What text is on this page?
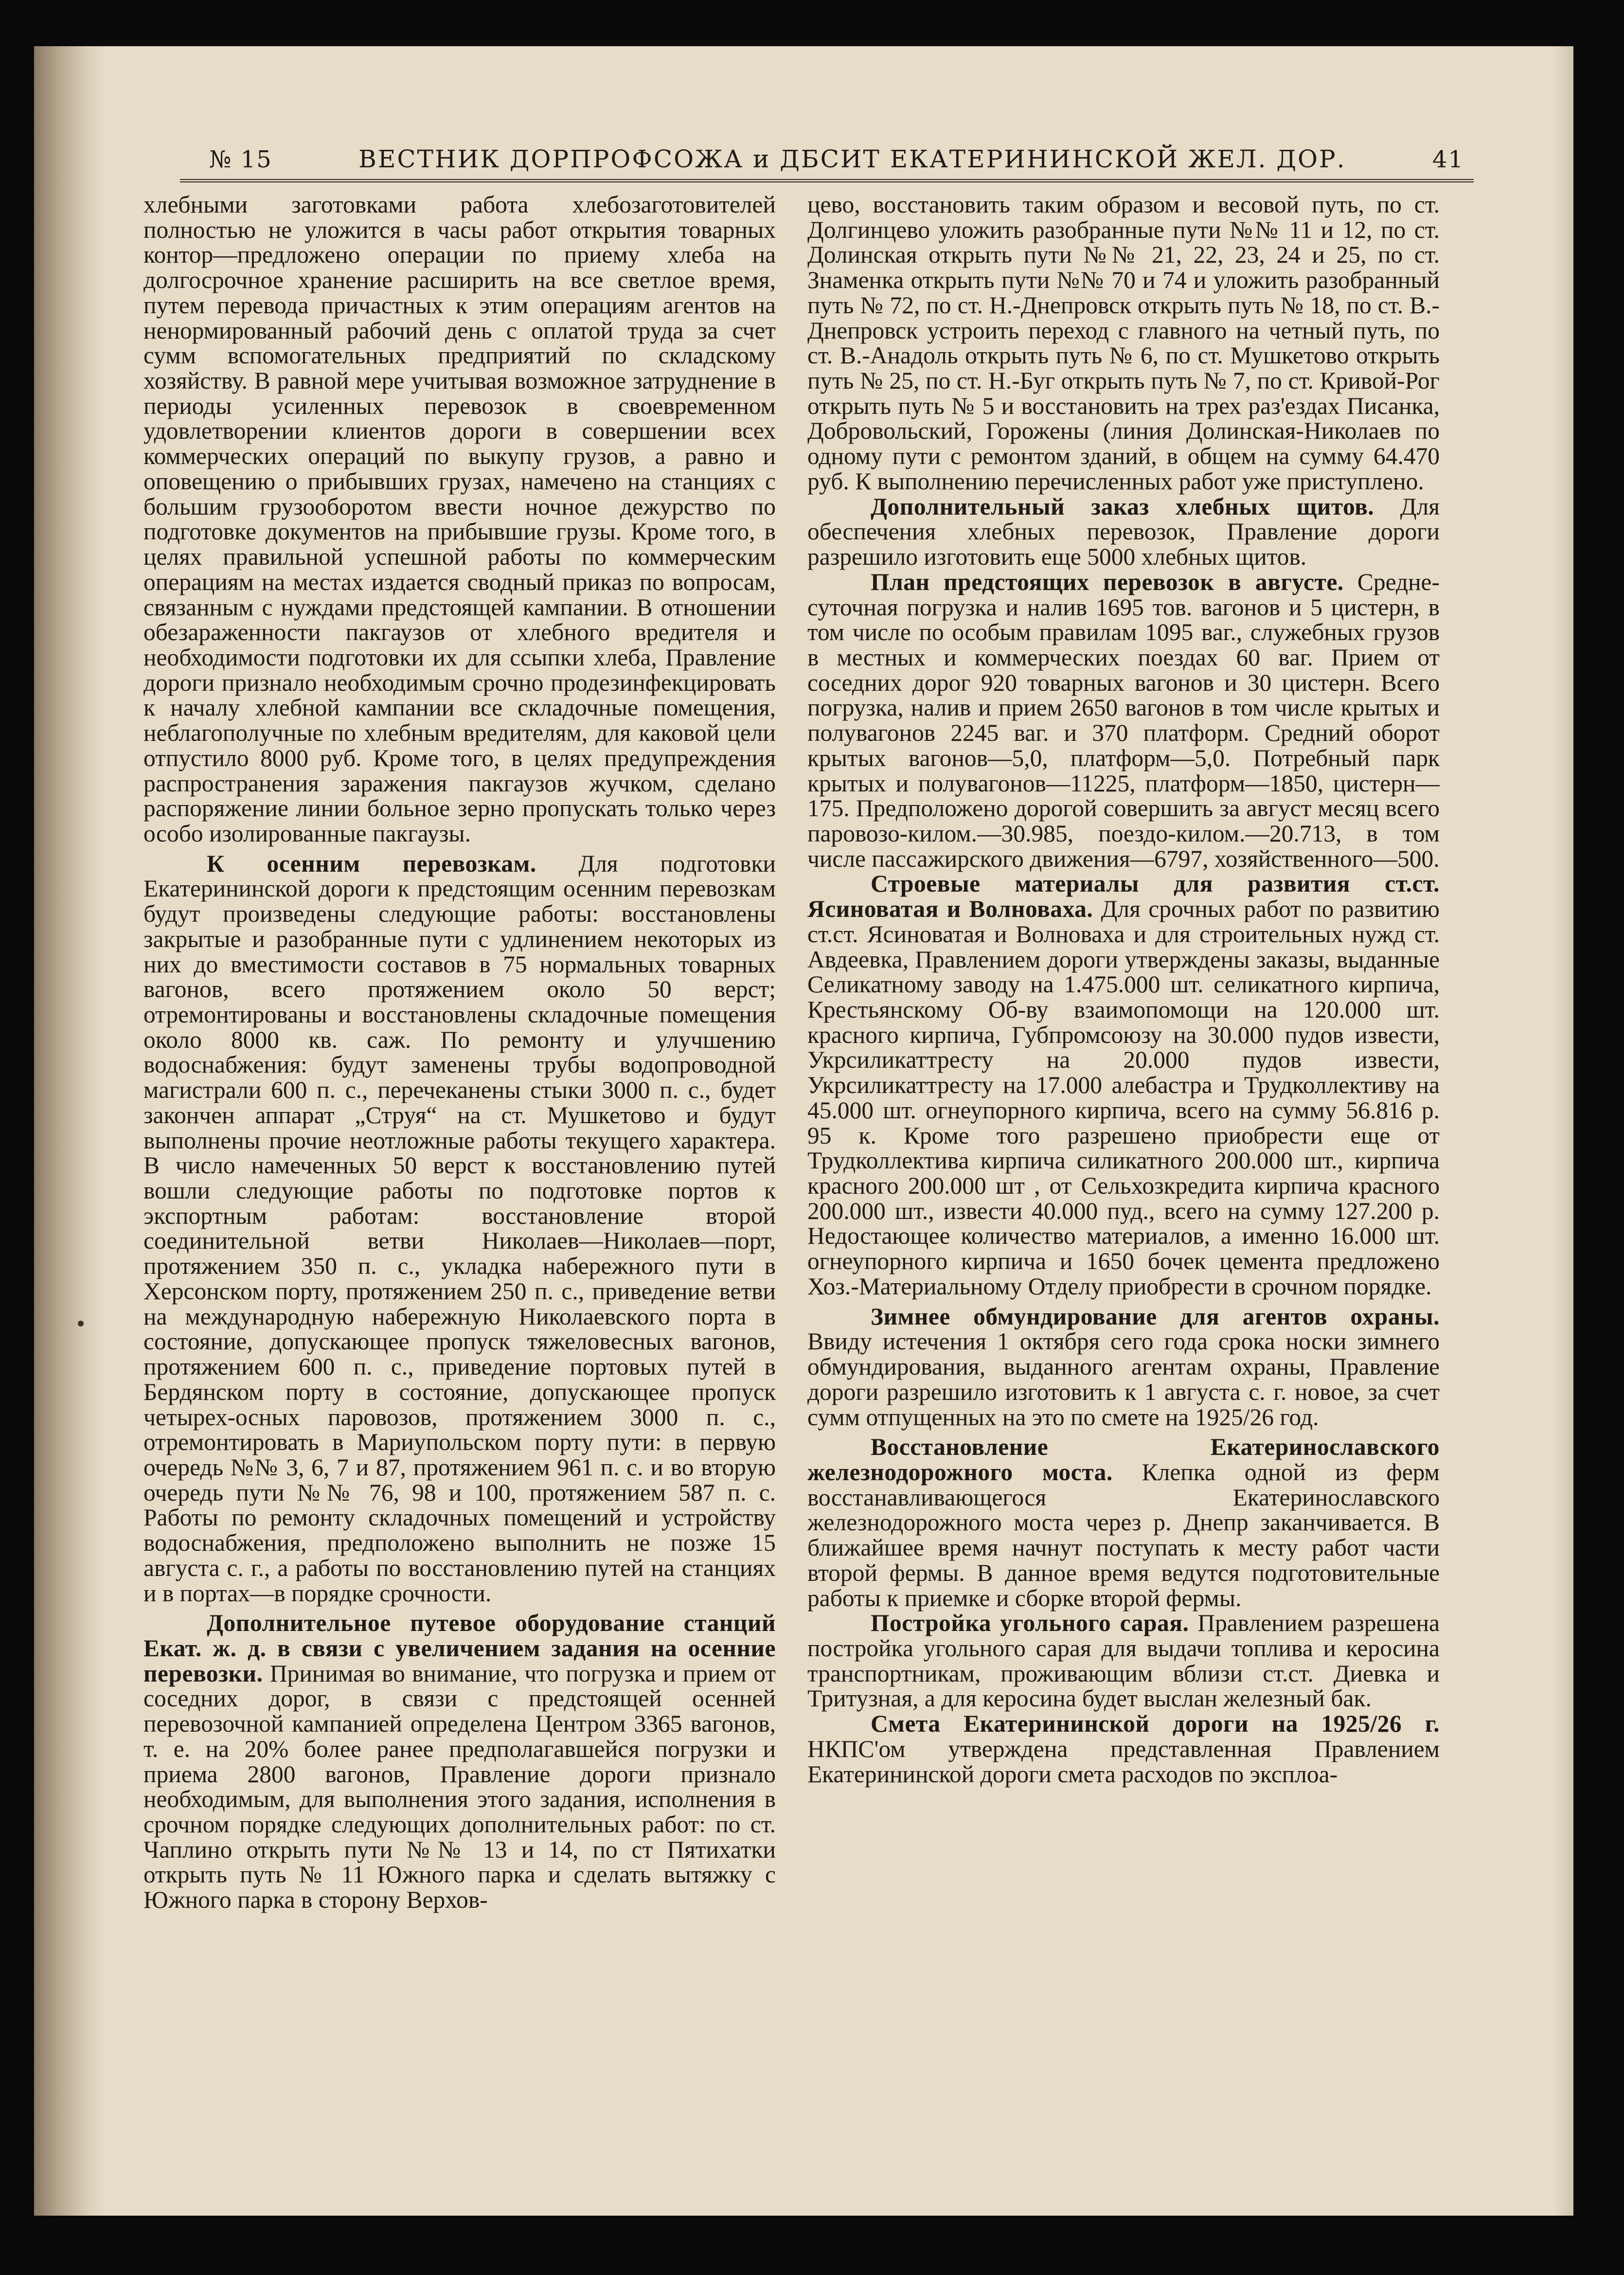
№ 15	ВЕСТНИК ДОРПРОФСОЖА и ДБСИТ ЕКАТЕРИНИНСКОЙ ЖЕЛ. ДОР.	41

хлебными заготовками работа хлебозаготовителей полностью не уложится в часы работ открытия товарных контор—предложено операции по приему хлеба на долгосрочное хранение расширить на все светлое время, путем перевода причастных к этим операциям агентов на ненормированный рабочий день с оплатой труда за счет сумм вспомогательных предприятий по складскому хозяйству. В равной мере учитывая возможное затруднение в периоды усиленных перевозок в своевременном удовлетворении клиентов дороги в совершении всех коммерческих операций по выкупу грузов, а равно и оповещению о прибывших грузах, намечено на станциях с большим грузооборотом ввести ночное дежурство по подготовке документов на прибывшие грузы. Кроме того, в целях правильной успешной работы по коммерческим операциям на местах издается сводный приказ по вопросам, связанным с нуждами предстоящей кампании. В отношении обезараженности пакгаузов от хлебного вредителя и необходимости подготовки их для ссыпки хлеба, Правление дороги признало необходимым срочно продезинфекцировать к началу хлебной кампании все складочные помещения, неблагополучные по хлебным вредителям, для каковой цели отпустило 8000 руб. Кроме того, в целях предупреждения распространения заражения пакгаузов жучком, сделано распоряжение линии больное зерно пропускать только через особо изолированные пакгаузы.

К осенним перевозкам. Для подготовки Екатерининской дороги к предстоящим осенним перевозкам будут произведены следующие работы: восстановлены закрытые и разобранные пути с удлинением некоторых из них до вместимости составов в 75 нормальных товарных вагонов, всего протяжением около 50 верст; отремонтированы и восстановлены складочные помещения около 8000 кв. саж. По ремонту и улучшению водоснабжения: будут заменены трубы водопроводной магистрали 600 п. с., перечеканены стыки 3000 п. с., будет закончен аппарат „Струя“ на ст. Мушкетово и будут выполнены прочие неотложные работы текущего характера. В число намеченных 50 верст к восстановлению путей вошли следующие работы по подготовке портов к экспортным работам: восстановление второй соединительной ветви Николаев—Николаев—порт, протяжением 350 п. с., укладка набережного пути в Херсонском порту, протяжением 250 п. с., приведение ветви на международную набережную Николаевского порта в состояние, допускающее пропуск тяжеловесных вагонов, протяжением 600 п. с., приведение портовых путей в Бердянском порту в состояние, допускающее пропуск четырех-осных паровозов, протяжением 3000 п. с., отремонтировать в Мариупольском порту пути: в первую очередь №№ 3, 6, 7 и 87, протяжением 961 п. с. и во вторую очередь пути №№ 76, 98 и 100, протяжением 587 п. с. Работы по ремонту складочных помещений и устройству водоснабжения, предположено выполнить не позже 15 августа с. г., а работы по восстановлению путей на станциях и в портах—в порядке срочности.

Дополнительное путевое оборудование станций Екат. ж. д. в связи с увеличением задания на осенние перевозки. Принимая во внимание, что погрузка и прием от соседних дорог, в связи с предстоящей осенней перевозочной кампанией определена Центром 3365 вагонов, т. е. на 20% более ранее предполагавшейся погрузки и приема 2800 вагонов, Правление дороги признало необходимым, для выполнения этого задания, исполнения в срочном порядке следующих дополнительных работ: по ст. Чаплино открыть пути №№ 13 и 14, по ст Пятихатки открыть путь № 11 Южного парка и сделать вытяжку с Южного парка в сторону Верхов-

цево, восстановить таким образом и весовой путь, по ст. Долгинцево уложить разобранные пути №№ 11 и 12, по ст. Долинская открыть пути №№ 21, 22, 23, 24 и 25, по ст. Знаменка открыть пути №№ 70 и 74 и уложить разобранный путь № 72, по ст. Н.-Днепровск открыть путь № 18, по ст. В.-Днепровск устроить переход с главного на четный путь, по ст. В.-Анадоль открыть путь № 6, по ст. Мушкетово открыть путь № 25, по ст. Н.-Буг открыть путь № 7, по ст. Кривой-Рог открыть путь № 5 и восстановить на трех раз'ездах Писанка, Добровольский, Горожены (линия Долинская-Николаев по одному пути с ремонтом зданий, в общем на сумму 64.470 руб. К выполнению перечисленных работ уже приступлено.

Дополнительный заказ хлебных щитов. Для обеспечения хлебных перевозок, Правление дороги разрешило изготовить еще 5000 хлебных щитов.

План предстоящих перевозок в августе. Средне-суточная погрузка и налив 1695 тов. вагонов и 5 цистерн, в том числе по особым правилам 1095 ваг., служебных грузов в местных и коммерческих поездах 60 ваг. Прием от соседних дорог 920 товарных вагонов и 30 цистерн. Всего погрузка, налив и прием 2650 вагонов в том числе крытых и полувагонов 2245 ваг. и 370 платформ. Средний оборот крытых вагонов—5,0, платформ—5,0. Потребный парк крытых и полувагонов—11225, платформ—1850, цистерн—175. Предположено дорогой совершить за август месяц всего паровозо-килом.—30.985, поездо-килом.—20.713, в том числе пассажирского движения—6797, хозяйственного—500.

Строевые материалы для развития ст.ст. Ясиноватая и Волноваха. Для срочных работ по развитию ст.ст. Ясиноватая и Волноваха и для строительных нужд ст. Авдеевка, Правлением дороги утверждены заказы, выданные Селикатному заводу на 1.475.000 шт. селикатного кирпича, Крестьянскому Об-ву взаимопомощи на 120.000 шт. красного кирпича, Губпромсоюзу на 30.000 пудов извести, Укрсиликаттресту на 20.000 пудов извести, Укрсиликаттресту на 17.000 алебастра и Трудколлективу на 45.000 шт. огнеупорного кирпича, всего на сумму 56.816 р. 95 к. Кроме того разрешено приобрести еще от Трудколлектива кирпича силикатного 200.000 шт., кирпича красного 200.000 шт , от Сельхозкредита кирпича красного 200.000 шт., извести 40.000 пуд., всего на сумму 127.200 р. Недостающее количество материалов, а именно 16.000 шт. огнеупорного кирпича и 1650 бочек цемента предложено Хоз.-Материальному Отделу приобрести в срочном порядке.

Зимнее обмундирование для агентов охраны. Ввиду истечения 1 октября сего года срока носки зимнего обмундирования, выданного агентам охраны, Правление дороги разрешило изготовить к 1 августа с. г. новое, за счет сумм отпущенных на это по смете на 1925/26 год.

Восстановление Екатеринославского железнодорожного моста. Клепка одной из ферм восстанавливающегося Екатеринославского железнодорожного моста через р. Днепр заканчивается. В ближайшее время начнут поступать к месту работ части второй фермы. В данное время ведутся подготовительные работы к приемке и сборке второй фермы.

Постройка угольного сарая. Правлением разрешена постройка угольного сарая для выдачи топлива и керосина транспортникам, проживающим вблизи ст.ст. Диевка и Тритузная, а для керосина будет выслан железный бак.

Смета Екатерининской дороги на 1925/26 г. НКПС'ом утверждена представленная Правлением Екатерининской дороги смета расходов по эксплоа-
